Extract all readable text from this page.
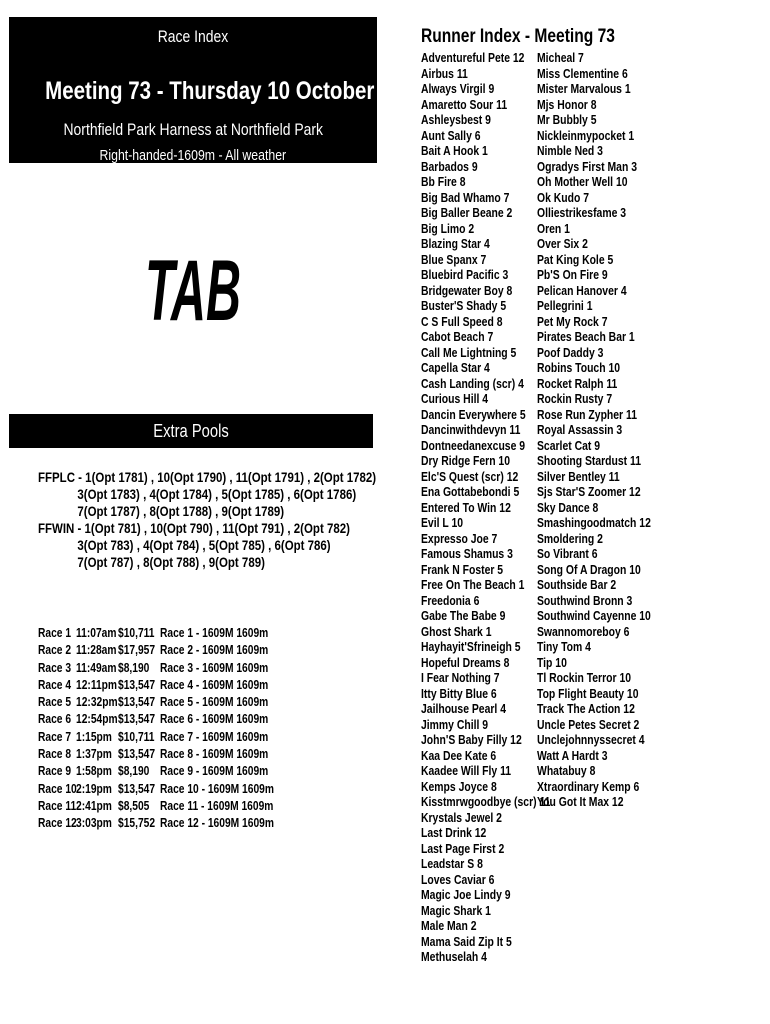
Race Index
Meeting 73 - Thursday 10 October
Northfield Park Harness at Northfield Park
Right-handed-1609m - All weather
TAB
Extra Pools
FFPLC - 1(Opt 1781) , 10(Opt 1790) , 11(Opt 1791) , 2(Opt 1782)
3(Opt 1783) , 4(Opt 1784) , 5(Opt 1785) , 6(Opt 1786)
7(Opt 1787) , 8(Opt 1788) , 9(Opt 1789)
FFWIN - 1(Opt 781) , 10(Opt 790) , 11(Opt 791) , 2(Opt 782)
3(Opt 783) , 4(Opt 784) , 5(Opt 785) , 6(Opt 786)
7(Opt 787) , 8(Opt 788) , 9(Opt 789)
Race 1 11:07am $10,711 Race 1 - 1609M 1609m
Race 2 11:28am $17,957 Race 2 - 1609M 1609m
Race 3 11:49am $8,190 Race 3 - 1609M 1609m
Race 4 12:11pm $13,547 Race 4 - 1609M 1609m
Race 5 12:32pm $13,547 Race 5 - 1609M 1609m
Race 6 12:54pm $13,547 Race 6 - 1609M 1609m
Race 7 1:15pm $10,711 Race 7 - 1609M 1609m
Race 8 1:37pm $13,547 Race 8 - 1609M 1609m
Race 9 1:58pm $8,190 Race 9 - 1609M 1609m
Race 10 2:19pm $13,547 Race 10 - 1609M 1609m
Race 11 2:41pm $8,505 Race 11 - 1609M 1609m
Race 12 3:03pm $15,752 Race 12 - 1609M 1609m
Runner Index - Meeting 73
Adventureful Pete 12
Airbus 11
Always Virgil 9
Amaretto Sour 11
Ashleysbest 9
Aunt Sally 6
Bait A Hook 1
Barbados 9
Bb Fire 8
Big Bad Whamo 7
Big Baller Beane 2
Big Limo 2
Blazing Star 4
Blue Spanx 7
Bluebird Pacific 3
Bridgewater Boy 8
Buster'S Shady 5
C S Full Speed 8
Cabot Beach 7
Call Me Lightning 5
Capella Star 4
Cash Landing (scr) 4
Curious Hill 4
Dancin Everywhere 5
Dancinwithdevyn 11
Dontneedanexcuse 9
Dry Ridge Fern 10
Elc'S Quest (scr) 12
Ena Gottabebondi 5
Entered To Win 12
Evil L 10
Expresso Joe 7
Famous Shamus 3
Frank N Foster 5
Free On The Beach 1
Freedonia 6
Gabe The Babe 9
Ghost Shark 1
Hayhayit'Sfrineigh 5
Hopeful Dreams 8
I Fear Nothing 7
Itty Bitty Blue 6
Jailhouse Pearl 4
Jimmy Chill 9
John'S Baby Filly 12
Kaa Dee Kate 6
Kaadee Will Fly 11
Kemps Joyce 8
Kisstmrwgoodbye (scr) 11
Krystals Jewel 2
Last Drink 12
Last Page First 2
Leadstar S 8
Loves Caviar 6
Magic Joe Lindy 9
Magic Shark 1
Male Man 2
Mama Said Zip It 5
Methuselah 4
Micheal 7
Miss Clementine 6
Mister Marvalous 1
Mjs Honor 8
Mr Bubbly 5
Nickleinmypocket 1
Nimble Ned 3
Ogradys First Man 3
Oh Mother Well 10
Ok Kudo 7
Olliestrikesfame 3
Oren 1
Over Six 2
Pat King Kole 5
Pb'S On Fire 9
Pelican Hanover 4
Pellegrini 1
Pet My Rock 7
Pirates Beach Bar 1
Poof Daddy 3
Robins Touch 10
Rocket Ralph 11
Rockin Rusty 7
Rose Run Zypher 11
Royal Assassin 3
Scarlet Cat 9
Shooting Stardust 11
Silver Bentley 11
Sjs Star'S Zoomer 12
Sky Dance 8
Smashingoodmatch 12
Smoldering 2
So Vibrant 6
Song Of A Dragon 10
Southside Bar 2
Southwind Bronn 3
Southwind Cayenne 10
Swannomoreboy 6
Tiny Tom 4
Tip 10
Tl Rockin Terror 10
Top Flight Beauty 10
Track The Action 12
Uncle Petes Secret 2
Unclejohnnyssecret 4
Watt A Hardt 3
Whatabuy 8
Xtraordinary Kemp 6
You Got It Max 12
